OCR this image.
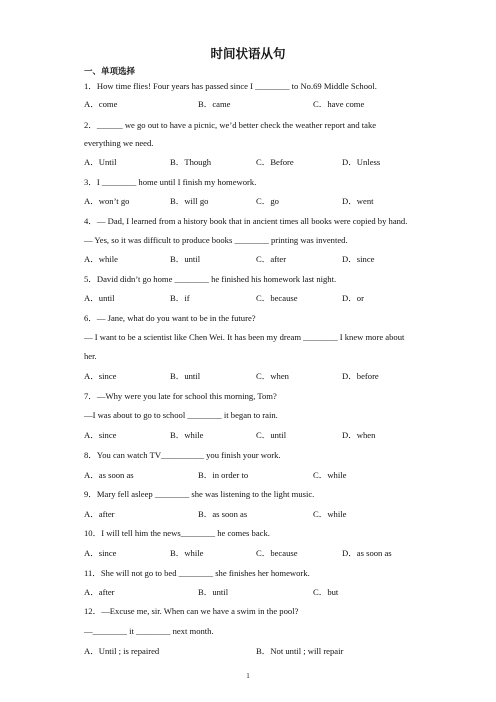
时间状语从句
一、单项选择
1．How time flies! Four years has passed since I ________ to No.69 Middle School.
A．come	B．came	C．have come
2．______ we go out to have a picnic, we’d better check the weather report and take
everything we need.
A．Until	B．Though	C．Before	D．Unless
3．I ________ home until I finish my homework.
A．won’t go	B．will go	C．go	D．went
4．— Dad, I learned from a history book that in ancient times all books were copied by hand.
— Yes, so it was difficult to produce books ________ printing was invented.
A．while	B．until	C．after	D．since
5．David didn’t go home ________ he finished his homework last night.
A．until	B．if	C．because	D．or
6．— Jane, what do you want to be in the future?
— I want to be a scientist like Chen Wei. It has been my dream ________ I knew more about
her.
A．since	B．until	C．when	D．before
7．—Why were you late for school this morning, Tom?
—I was about to go to school ________ it began to rain.
A．since	B．while	C．until	D．when
8．You can watch TV__________ you finish your work.
A．as soon as	B．in order to	C．while
9．Mary fell asleep ________ she was listening to the light music.
A．after	B．as soon as	C．while
10．I will tell him the news________ he comes back.
A．since	B．while	C．because	D．as soon as
11．She will not go to bed ________ she finishes her homework.
A．after	B．until	C．but
12．—Excuse me, sir. When can we have a swim in the pool?
—________ it ________ next month.
A．Until ; is repaired	B．Not until ; will repair
1
